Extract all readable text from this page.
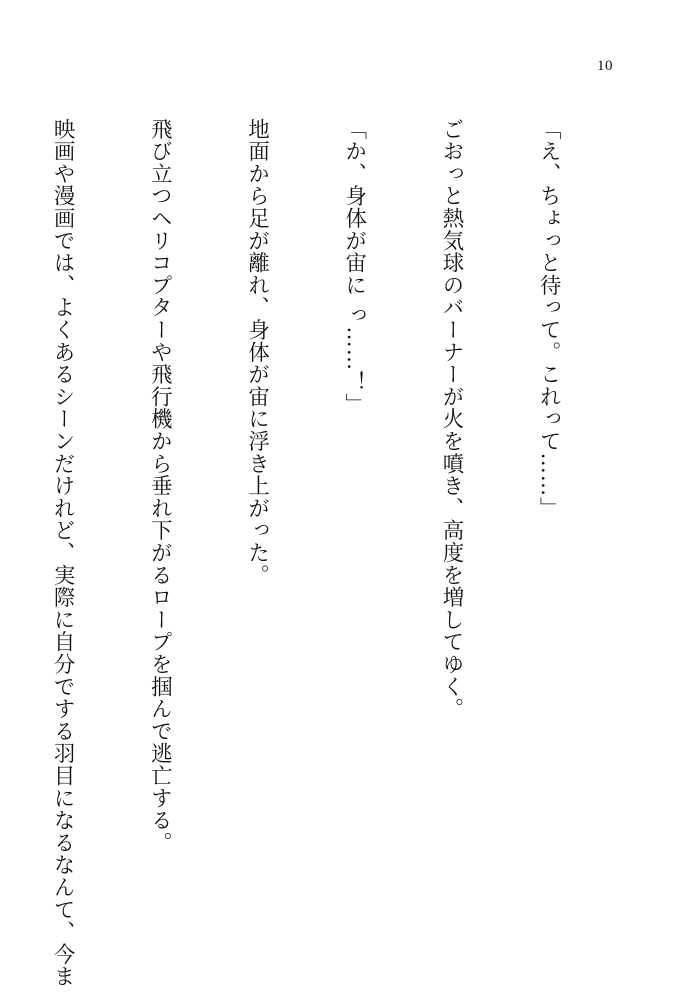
10

「え、ちょっと待って。これって……」

ごおっと熱気球のバーナーが火を噴き、高度を増してゆく。

「か、身体が宙に っ……！」

地面から足が離れ、身体が宙に浮き上がった。

飛び立つヘリコプターや飛行機から垂れ下がるロープを掴んで逃亡する。

映画や漫画では、よくあるシーンだけれど、実際に自分でする羽目になるなんて、今ま
